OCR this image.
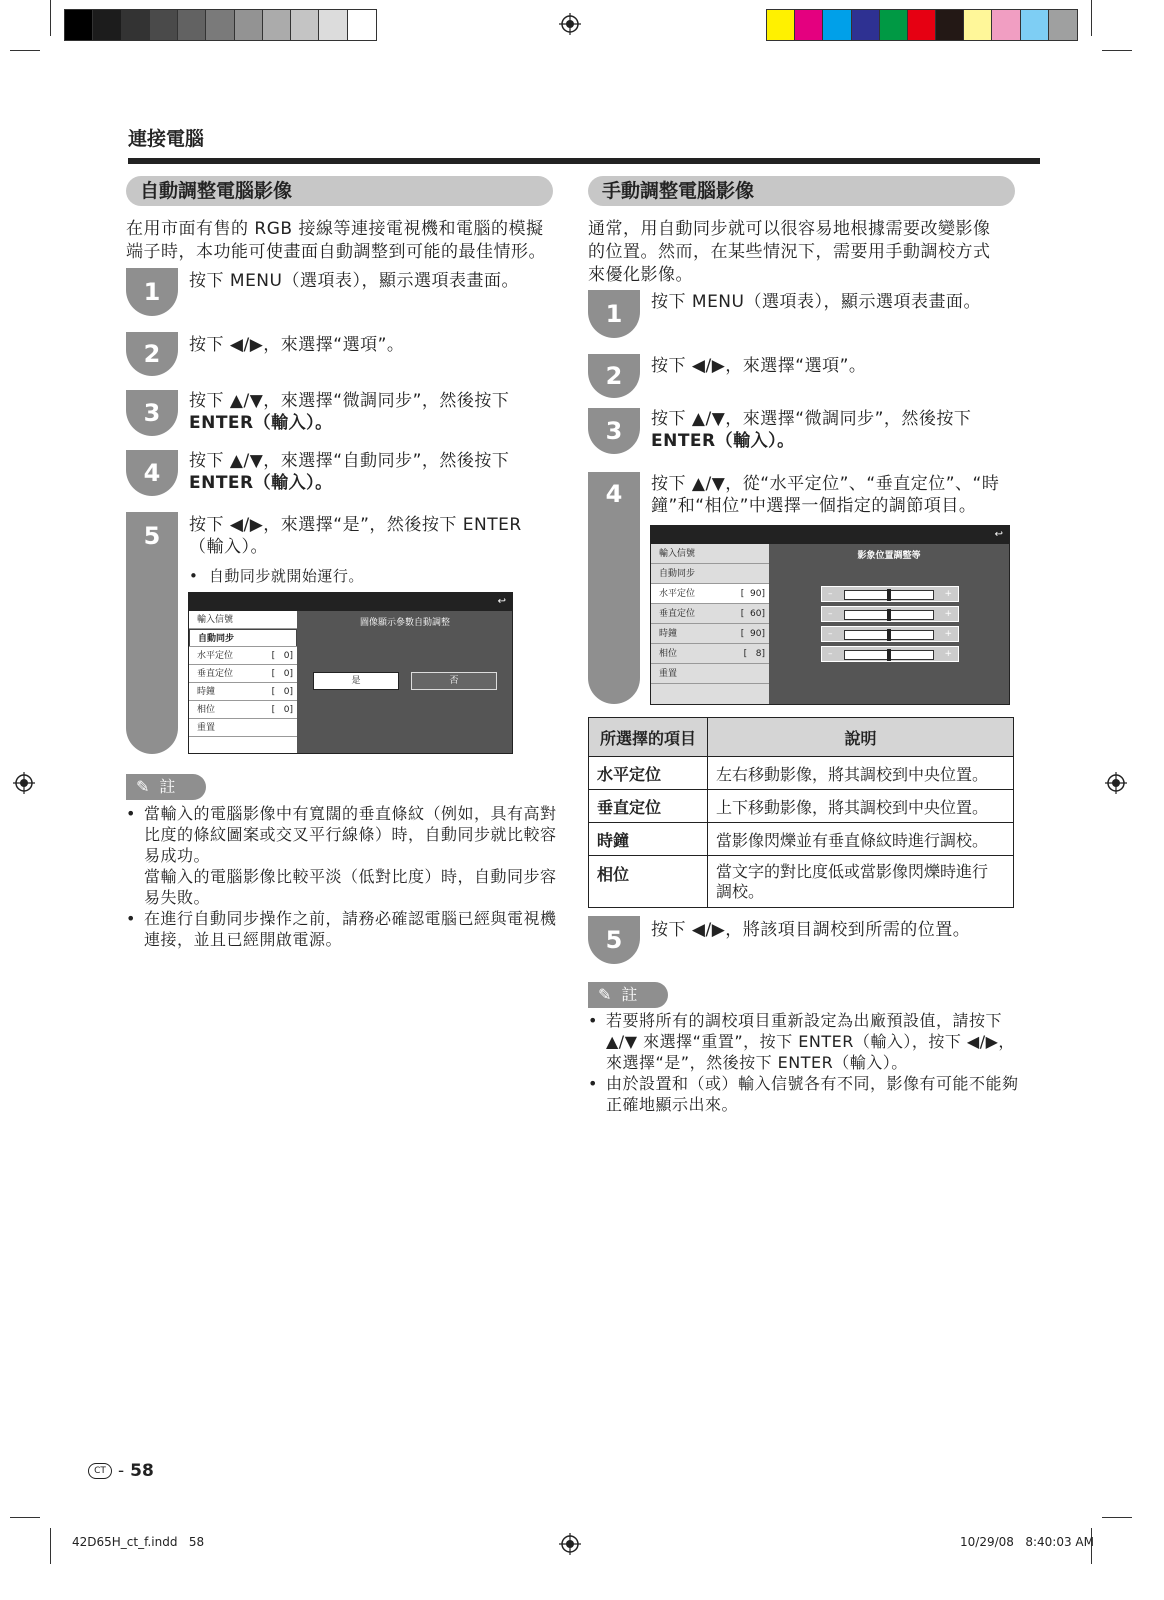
連接電腦
自動調整電腦影像
在用市面有售的 RGB 接線等連接電視機和電腦的模擬
端子時，本功能可使畫面自動調整到可能的最佳情形。
1	按下 MENU（選項表），顯示選項表畫面。
2	按下 ◀/▶，來選擇“選項”。
3	按下 ▲/▼，來選擇“微調同步”，然後按下
ENTER（輸入）。
4	按下 ▲/▼，來選擇“自動同步”，然後按下
ENTER（輸入）。
5	按下 ◀/▶，來選擇“是”，然後按下 ENTER
（輸入）。
• 自動同步就開始運行。
↩
輸入信號
自動同步
水平定位	[   0]
垂直定位	[   0]
時鐘	[   0]
相位	[   0]
重置
圖像顯示參數自動調整
是	否
✎ 註
• 當輸入的電腦影像中有寬闊的垂直條紋（例如，具有高對
比度的條紋圖案或交叉平行線條）時，自動同步就比較容
易成功。
當輸入的電腦影像比較平淡（低對比度）時，自動同步容
易失敗。
• 在進行自動同步操作之前，請務必確認電腦已經與電視機
連接，並且已經開啟電源。
手動調整電腦影像
通常，用自動同步就可以很容易地根據需要改變影像
的位置。然而，在某些情況下，需要用手動調校方式
來優化影像。
1	按下 MENU（選項表），顯示選項表畫面。
2	按下 ◀/▶，來選擇“選項”。
3	按下 ▲/▼，來選擇“微調同步”，然後按下
ENTER（輸入）。
4	按下 ▲/▼，從“水平定位”、“垂直定位”、“時
鐘”和“相位”中選擇一個指定的調節項目。
↩
輸入信號
自動同步
水平定位	[  90]
垂直定位	[  60]
時鐘	[  90]
相位	[   8]
重置
影象位置調整等
–	+
–	+
–	+
–	+
所選擇的項目	說明
水平定位	左右移動影像，將其調校到中央位置。
垂直定位	上下移動影像，將其調校到中央位置。
時鐘	當影像閃爍並有垂直條紋時進行調校。
相位	當文字的對比度低或當影像閃爍時進行
調校。
5	按下 ◀/▶，將該項目調校到所需的位置。
✎ 註
• 若要將所有的調校項目重新設定為出廠預設值，請按下
▲/▼ 來選擇“重置”，按下 ENTER（輸入），按下 ◀/▶，
來選擇“是”，然後按下 ENTER（輸入）。
• 由於設置和（或）輸入信號各有不同，影像有可能不能夠
正確地顯示出來。
CT - 58
42D65H_ct_f.indd   58	10/29/08   8:40:03 AM
